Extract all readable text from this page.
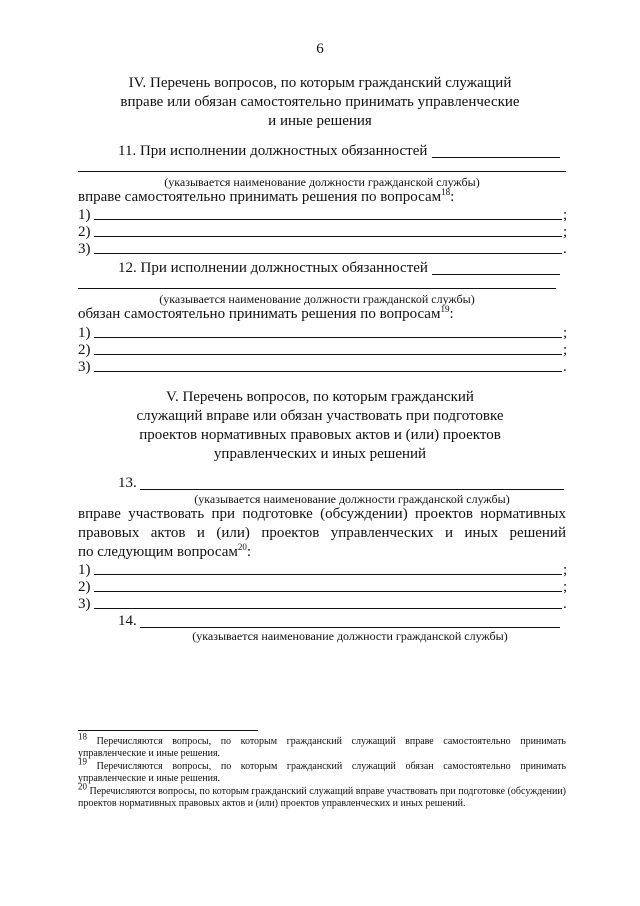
6
IV. Перечень вопросов, по которым гражданский служащий
вправе или обязан самостоятельно принимать управленческие
и иные решения
11. При исполнении должностных обязанностей
(указывается наименование должности гражданской службы)
вправе самостоятельно принимать решения по вопросам$^{18}$:
1)	;
2)	;
3)	.
12. При исполнении должностных обязанностей
(указывается наименование должности гражданской службы)
обязан самостоятельно принимать решения по вопросам$^{19}$:
1)	;
2)	;
3)	.
V. Перечень вопросов, по которым гражданский
служащий вправе или обязан участвовать при подготовке
проектов нормативных правовых актов и (или) проектов
управленческих и иных решений
13.
(указывается наименование должности гражданской службы)
вправе участвовать при подготовке (обсуждении) проектов нормативных
правовых актов и (или) проектов управленческих и иных решений
по следующим вопросам$^{20}$:
1)	;
2)	;
3)	.
14.
(указывается наименование должности гражданской службы)
$^{18}$ Перечисляются вопросы, по которым гражданский служащий вправе самостоятельно принимать управленческие и иные решения.
$^{19}$ Перечисляются вопросы, по которым гражданский служащий обязан самостоятельно принимать управленческие и иные решения.
$^{20}$ Перечисляются вопросы, по которым гражданский служащий вправе участвовать при подготовке (обсуждении) проектов нормативных правовых актов и (или) проектов управленческих и иных решений.
